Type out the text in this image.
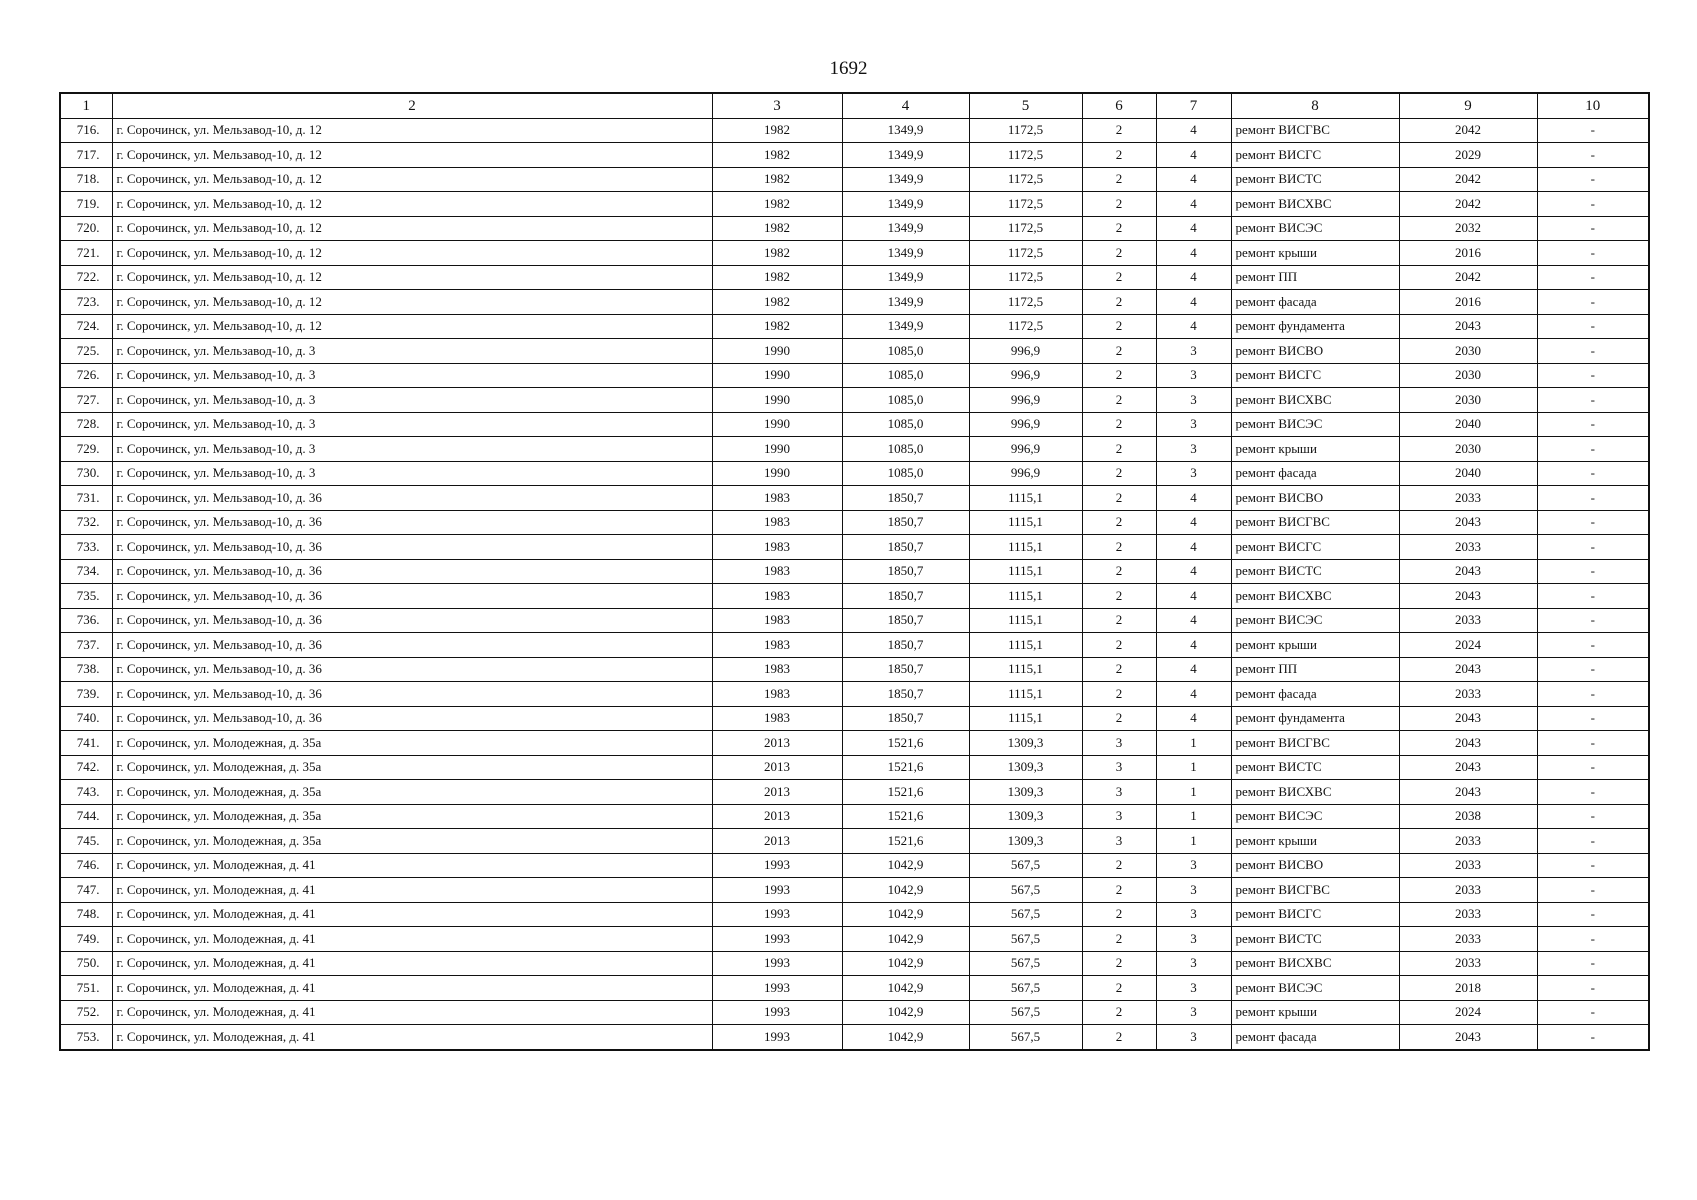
1692
1	2	3	4	5	6	7	8	9	10
716.	г. Сорочинск, ул. Мельзавод-10, д. 12	1982	1349,9	1172,5	2	4	ремонт ВИСГВС	2042	-
717.	г. Сорочинск, ул. Мельзавод-10, д. 12	1982	1349,9	1172,5	2	4	ремонт ВИСГС	2029	-
718.	г. Сорочинск, ул. Мельзавод-10, д. 12	1982	1349,9	1172,5	2	4	ремонт ВИСТС	2042	-
719.	г. Сорочинск, ул. Мельзавод-10, д. 12	1982	1349,9	1172,5	2	4	ремонт ВИСХВС	2042	-
720.	г. Сорочинск, ул. Мельзавод-10, д. 12	1982	1349,9	1172,5	2	4	ремонт ВИСЭС	2032	-
721.	г. Сорочинск, ул. Мельзавод-10, д. 12	1982	1349,9	1172,5	2	4	ремонт крыши	2016	-
722.	г. Сорочинск, ул. Мельзавод-10, д. 12	1982	1349,9	1172,5	2	4	ремонт ПП	2042	-
723.	г. Сорочинск, ул. Мельзавод-10, д. 12	1982	1349,9	1172,5	2	4	ремонт фасада	2016	-
724.	г. Сорочинск, ул. Мельзавод-10, д. 12	1982	1349,9	1172,5	2	4	ремонт фундамента	2043	-
725.	г. Сорочинск, ул. Мельзавод-10, д. 3	1990	1085,0	996,9	2	3	ремонт ВИСВО	2030	-
726.	г. Сорочинск, ул. Мельзавод-10, д. 3	1990	1085,0	996,9	2	3	ремонт ВИСГС	2030	-
727.	г. Сорочинск, ул. Мельзавод-10, д. 3	1990	1085,0	996,9	2	3	ремонт ВИСХВС	2030	-
728.	г. Сорочинск, ул. Мельзавод-10, д. 3	1990	1085,0	996,9	2	3	ремонт ВИСЭС	2040	-
729.	г. Сорочинск, ул. Мельзавод-10, д. 3	1990	1085,0	996,9	2	3	ремонт крыши	2030	-
730.	г. Сорочинск, ул. Мельзавод-10, д. 3	1990	1085,0	996,9	2	3	ремонт фасада	2040	-
731.	г. Сорочинск, ул. Мельзавод-10, д. 36	1983	1850,7	1115,1	2	4	ремонт ВИСВО	2033	-
732.	г. Сорочинск, ул. Мельзавод-10, д. 36	1983	1850,7	1115,1	2	4	ремонт ВИСГВС	2043	-
733.	г. Сорочинск, ул. Мельзавод-10, д. 36	1983	1850,7	1115,1	2	4	ремонт ВИСГС	2033	-
734.	г. Сорочинск, ул. Мельзавод-10, д. 36	1983	1850,7	1115,1	2	4	ремонт ВИСТС	2043	-
735.	г. Сорочинск, ул. Мельзавод-10, д. 36	1983	1850,7	1115,1	2	4	ремонт ВИСХВС	2043	-
736.	г. Сорочинск, ул. Мельзавод-10, д. 36	1983	1850,7	1115,1	2	4	ремонт ВИСЭС	2033	-
737.	г. Сорочинск, ул. Мельзавод-10, д. 36	1983	1850,7	1115,1	2	4	ремонт крыши	2024	-
738.	г. Сорочинск, ул. Мельзавод-10, д. 36	1983	1850,7	1115,1	2	4	ремонт ПП	2043	-
739.	г. Сорочинск, ул. Мельзавод-10, д. 36	1983	1850,7	1115,1	2	4	ремонт фасада	2033	-
740.	г. Сорочинск, ул. Мельзавод-10, д. 36	1983	1850,7	1115,1	2	4	ремонт фундамента	2043	-
741.	г. Сорочинск, ул. Молодежная, д. 35а	2013	1521,6	1309,3	3	1	ремонт ВИСГВС	2043	-
742.	г. Сорочинск, ул. Молодежная, д. 35а	2013	1521,6	1309,3	3	1	ремонт ВИСТС	2043	-
743.	г. Сорочинск, ул. Молодежная, д. 35а	2013	1521,6	1309,3	3	1	ремонт ВИСХВС	2043	-
744.	г. Сорочинск, ул. Молодежная, д. 35а	2013	1521,6	1309,3	3	1	ремонт ВИСЭС	2038	-
745.	г. Сорочинск, ул. Молодежная, д. 35а	2013	1521,6	1309,3	3	1	ремонт крыши	2033	-
746.	г. Сорочинск, ул. Молодежная, д. 41	1993	1042,9	567,5	2	3	ремонт ВИСВО	2033	-
747.	г. Сорочинск, ул. Молодежная, д. 41	1993	1042,9	567,5	2	3	ремонт ВИСГВС	2033	-
748.	г. Сорочинск, ул. Молодежная, д. 41	1993	1042,9	567,5	2	3	ремонт ВИСГС	2033	-
749.	г. Сорочинск, ул. Молодежная, д. 41	1993	1042,9	567,5	2	3	ремонт ВИСТС	2033	-
750.	г. Сорочинск, ул. Молодежная, д. 41	1993	1042,9	567,5	2	3	ремонт ВИСХВС	2033	-
751.	г. Сорочинск, ул. Молодежная, д. 41	1993	1042,9	567,5	2	3	ремонт ВИСЭС	2018	-
752.	г. Сорочинск, ул. Молодежная, д. 41	1993	1042,9	567,5	2	3	ремонт крыши	2024	-
753.	г. Сорочинск, ул. Молодежная, д. 41	1993	1042,9	567,5	2	3	ремонт фасада	2043	-
